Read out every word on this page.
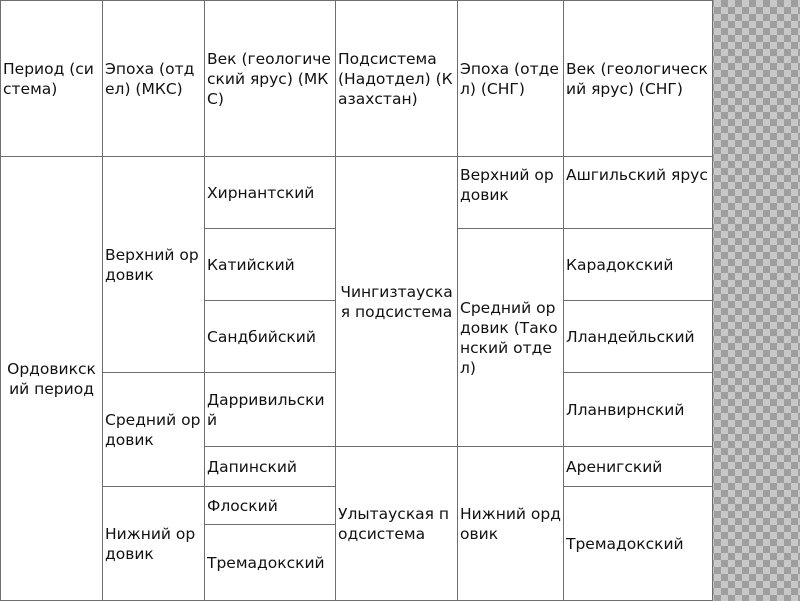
Период (система)	Эпоха (отдел) (МКС)	Век (геологический ярус) (МКС)	Подсистема (Надотдел) (Казахстан)	Эпоха (отдел) (СНГ)	Век (геологический ярус) (СНГ)
Ордовикский период	Верхний ордовик	Хирнантский	Чингизтауская подсистема	Верхний ордовик	Ашгильский ярус
		Катийский		Средний ордовик (Таконский отдел)	Карадокский
		Сандбийский			Лландейльский
	Средний ордовик	Дарривильский			Лланвирнский
		Дапинский	Улытауская подсистема	Нижний ордовик	Аренигский
	Нижний ордовик	Флоский			Тремадокский
		Тремадокский			
